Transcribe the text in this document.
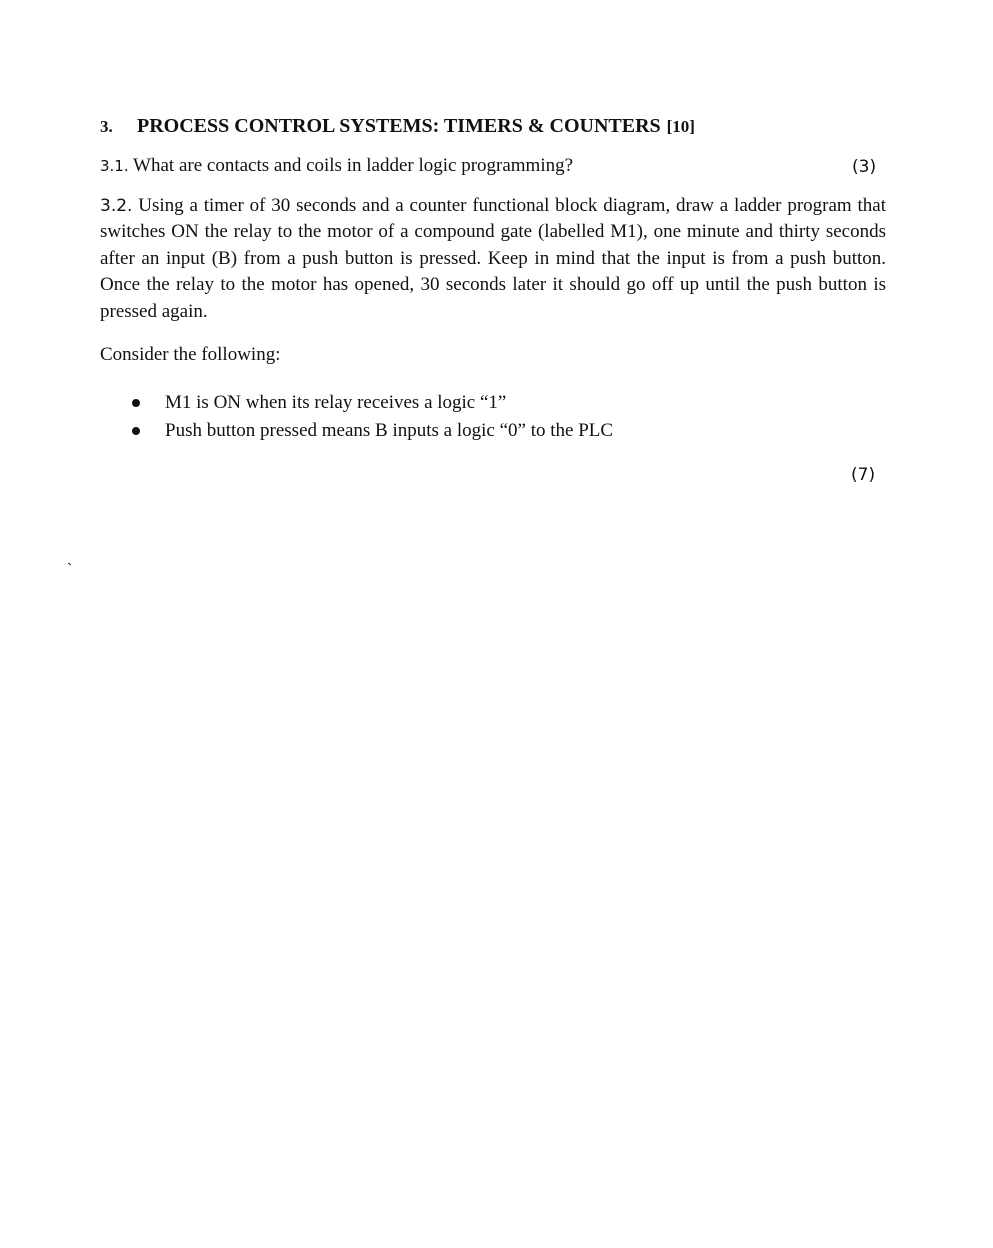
3. PROCESS CONTROL SYSTEMS: TIMERS & COUNTERS [10]
3.1. What are contacts and coils in ladder logic programming?	(3)

3.2. Using a timer of 30 seconds and a counter functional block diagram, draw a ladder program that switches ON the relay to the motor of a compound gate (labelled M1), one minute and thirty seconds after an input (B) from a push button is pressed. Keep in mind that the input is from a push button. Once the relay to the motor has opened, 30 seconds later it should go off up until the push button is pressed again.

Consider the following:

M1 is ON when its relay receives a logic “1”
Push button pressed means B inputs a logic “0” to the PLC
(7)
`
